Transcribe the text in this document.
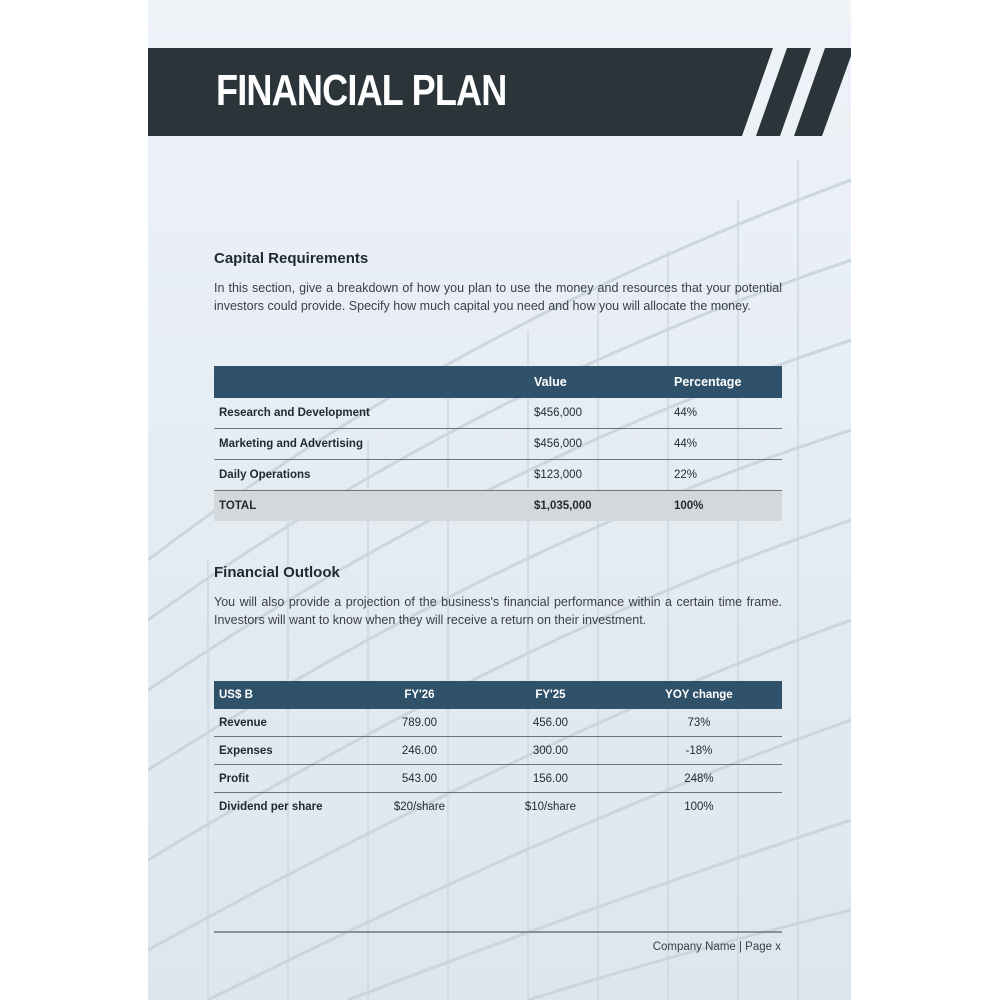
FINANCIAL PLAN
Capital Requirements

In this section, give a breakdown of how you plan to use the money and resources that your potential investors could provide. Specify how much capital you need and how you will allocate the money.

	Value	Percentage
Research and Development	$456,000	44%
Marketing and Advertising	$456,000	44%
Daily Operations	$123,000	22%
TOTAL	$1,035,000	100%
Financial Outlook

You will also provide a projection of the business's financial performance within a certain time frame. Investors will want to know when they will receive a return on their investment.

US$ B	FY'26	FY'25	YOY change
Revenue	789.00	456.00	73%
Expenses	246.00	300.00	-18%
Profit	543.00	156.00	248%
Dividend per share	$20/share	$10/share	100%
Company Name | Page x
